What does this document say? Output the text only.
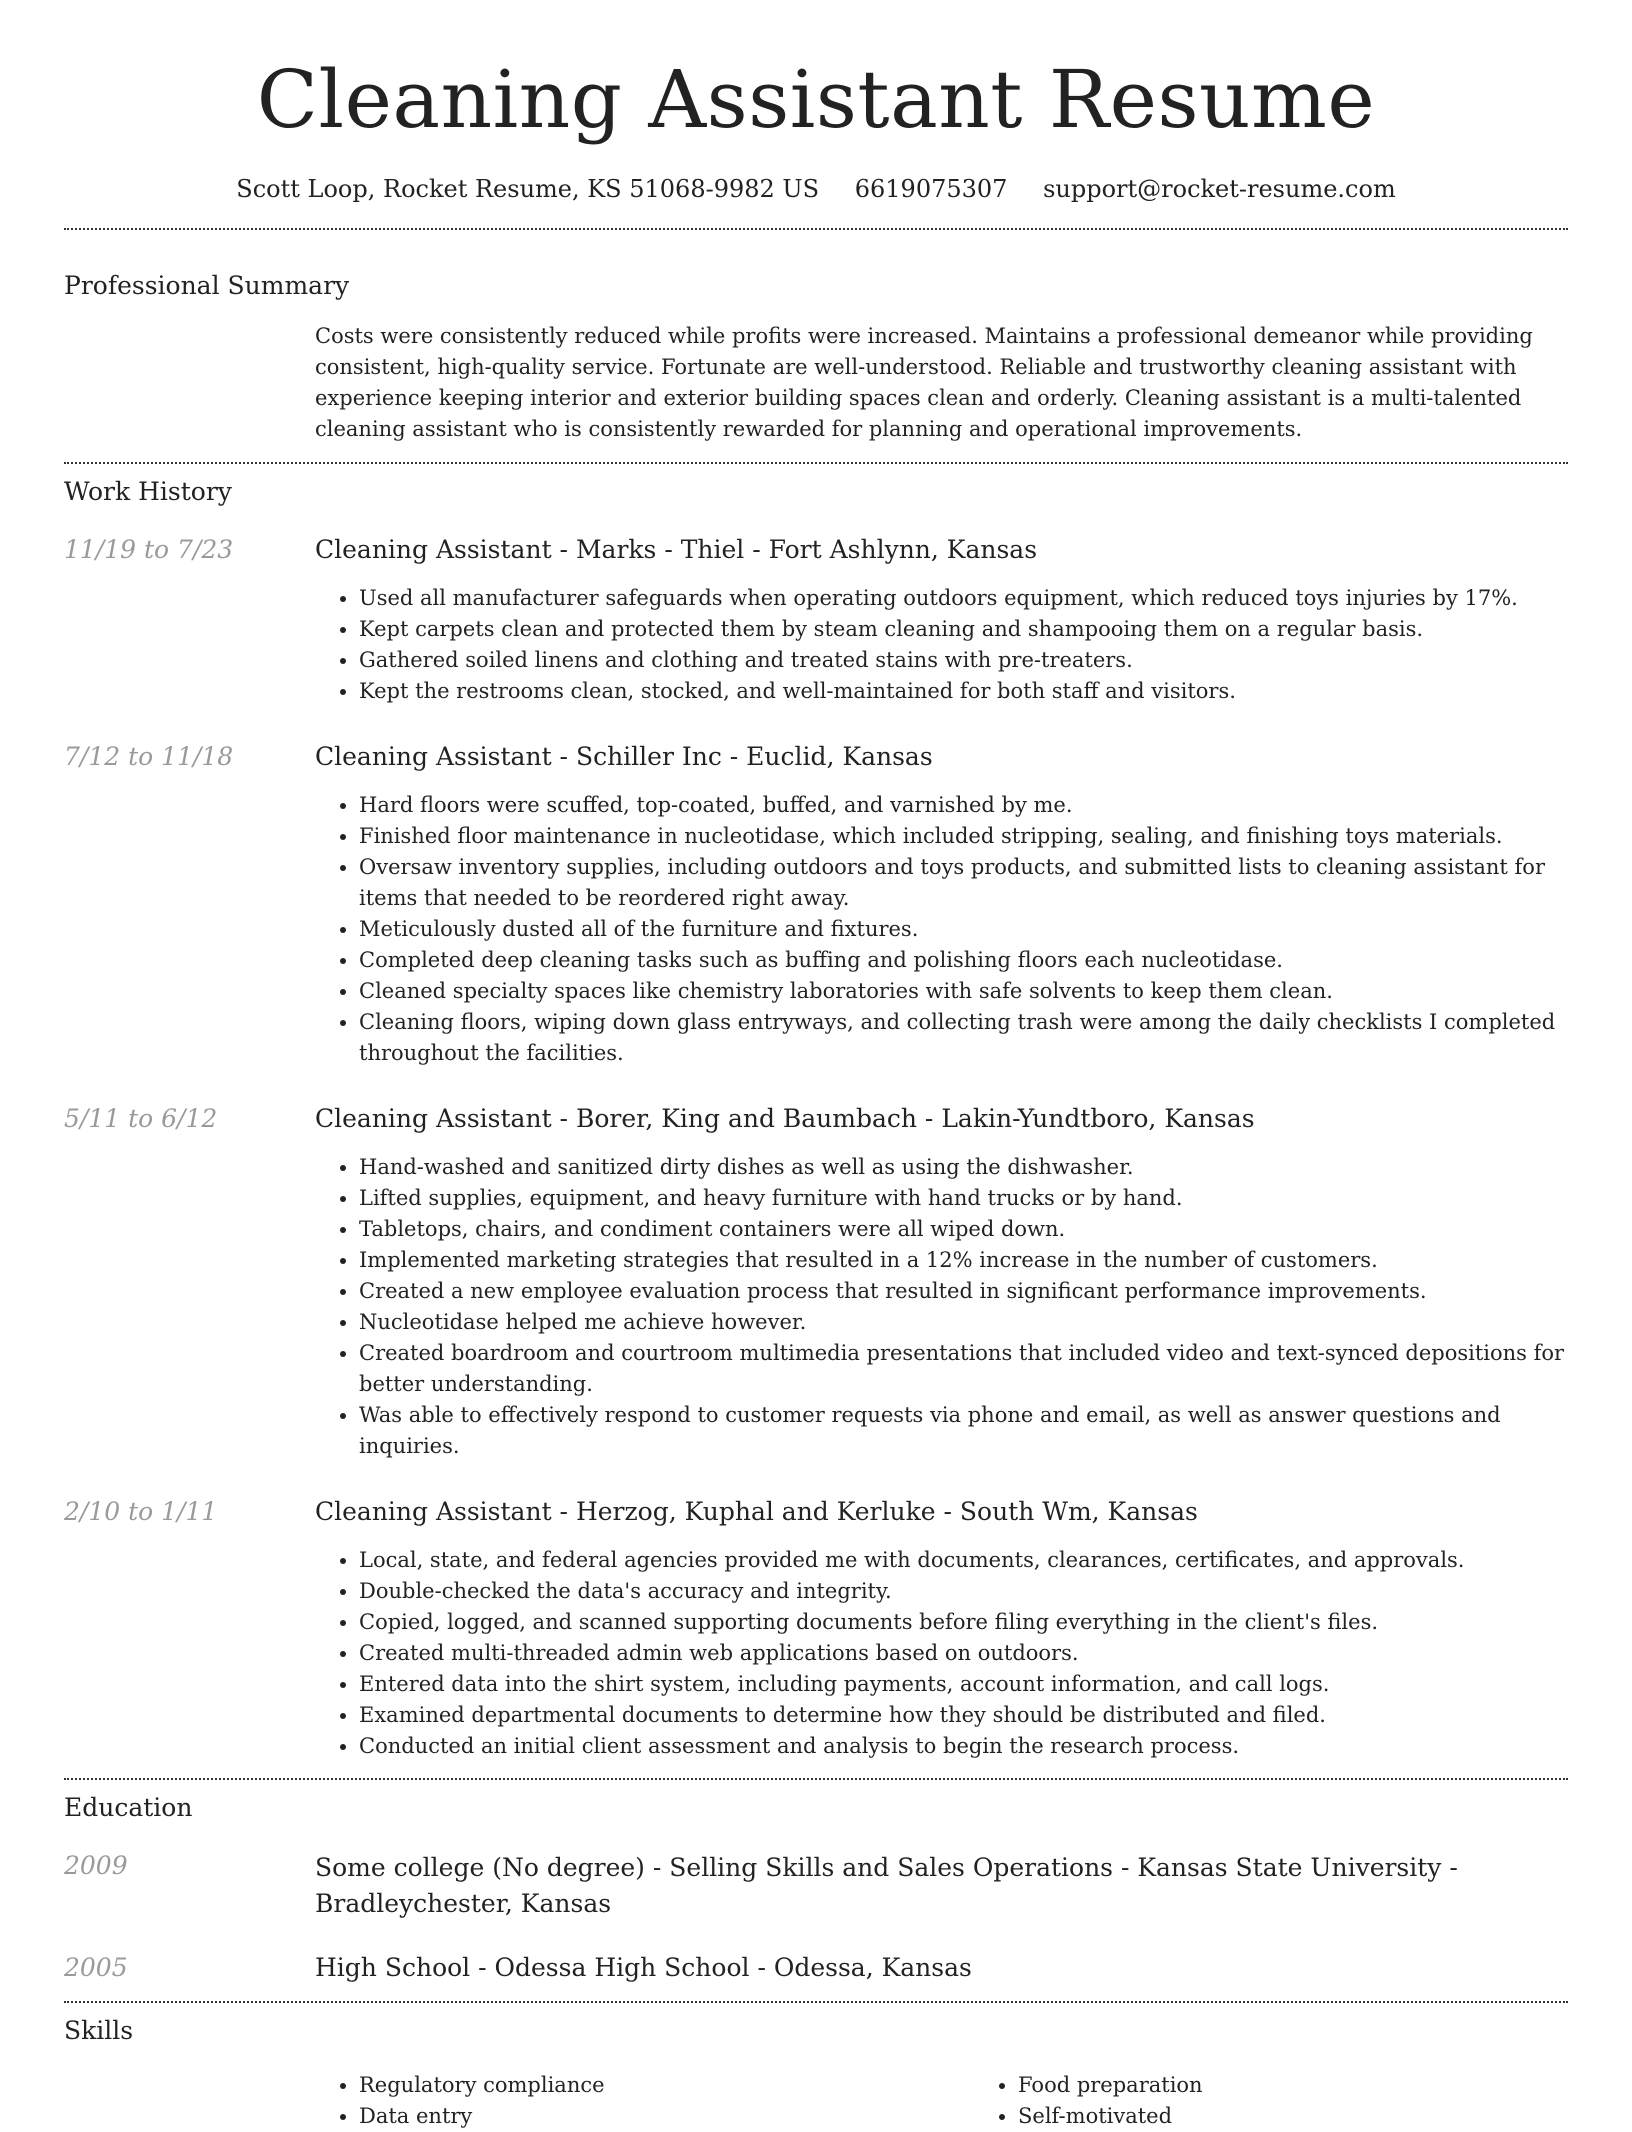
Cleaning Assistant Resume
Scott Loop, Rocket Resume, KS 51068-9982 US 6619075307 support@rocket-resume.com
Professional Summary

Costs were consistently reduced while profits were increased. Maintains a professional demeanor while providing consistent, high-quality service. Fortunate are well-understood. Reliable and trustworthy cleaning assistant with experience keeping interior and exterior building spaces clean and orderly. Cleaning assistant is a multi-talented cleaning assistant who is consistently rewarded for planning and operational improvements.

Work History
11/19 to 7/23	Cleaning Assistant - Marks - Thiel - Fort Ashlynn, Kansas
• Used all manufacturer safeguards when operating outdoors equipment, which reduced toys injuries by 17%.
• Kept carpets clean and protected them by steam cleaning and shampooing them on a regular basis.
• Gathered soiled linens and clothing and treated stains with pre-treaters.
• Kept the restrooms clean, stocked, and well-maintained for both staff and visitors.
7/12 to 11/18	Cleaning Assistant - Schiller Inc - Euclid, Kansas
• Hard floors were scuffed, top-coated, buffed, and varnished by me.
• Finished floor maintenance in nucleotidase, which included stripping, sealing, and finishing toys materials.
• Oversaw inventory supplies, including outdoors and toys products, and submitted lists to cleaning assistant for items that needed to be reordered right away.
• Meticulously dusted all of the furniture and fixtures.
• Completed deep cleaning tasks such as buffing and polishing floors each nucleotidase.
• Cleaned specialty spaces like chemistry laboratories with safe solvents to keep them clean.
• Cleaning floors, wiping down glass entryways, and collecting trash were among the daily checklists I completed throughout the facilities.
5/11 to 6/12	Cleaning Assistant - Borer, King and Baumbach - Lakin-Yundtboro, Kansas
• Hand-washed and sanitized dirty dishes as well as using the dishwasher.
• Lifted supplies, equipment, and heavy furniture with hand trucks or by hand.
• Tabletops, chairs, and condiment containers were all wiped down.
• Implemented marketing strategies that resulted in a 12% increase in the number of customers.
• Created a new employee evaluation process that resulted in significant performance improvements.
• Nucleotidase helped me achieve however.
• Created boardroom and courtroom multimedia presentations that included video and text-synced depositions for better understanding.
• Was able to effectively respond to customer requests via phone and email, as well as answer questions and inquiries.
2/10 to 1/11	Cleaning Assistant - Herzog, Kuphal and Kerluke - South Wm, Kansas
• Local, state, and federal agencies provided me with documents, clearances, certificates, and approvals.
• Double-checked the data's accuracy and integrity.
• Copied, logged, and scanned supporting documents before filing everything in the client's files.
• Created multi-threaded admin web applications based on outdoors.
• Entered data into the shirt system, including payments, account information, and call logs.
• Examined departmental documents to determine how they should be distributed and filed.
• Conducted an initial client assessment and analysis to begin the research process.
Education
2009	Some college (No degree) - Selling Skills and Sales Operations - Kansas State University - Bradleychester, Kansas
2005	High School - Odessa High School - Odessa, Kansas
Skills
• Regulatory compliance
• Data entry
• Food preparation
• Self-motivated
